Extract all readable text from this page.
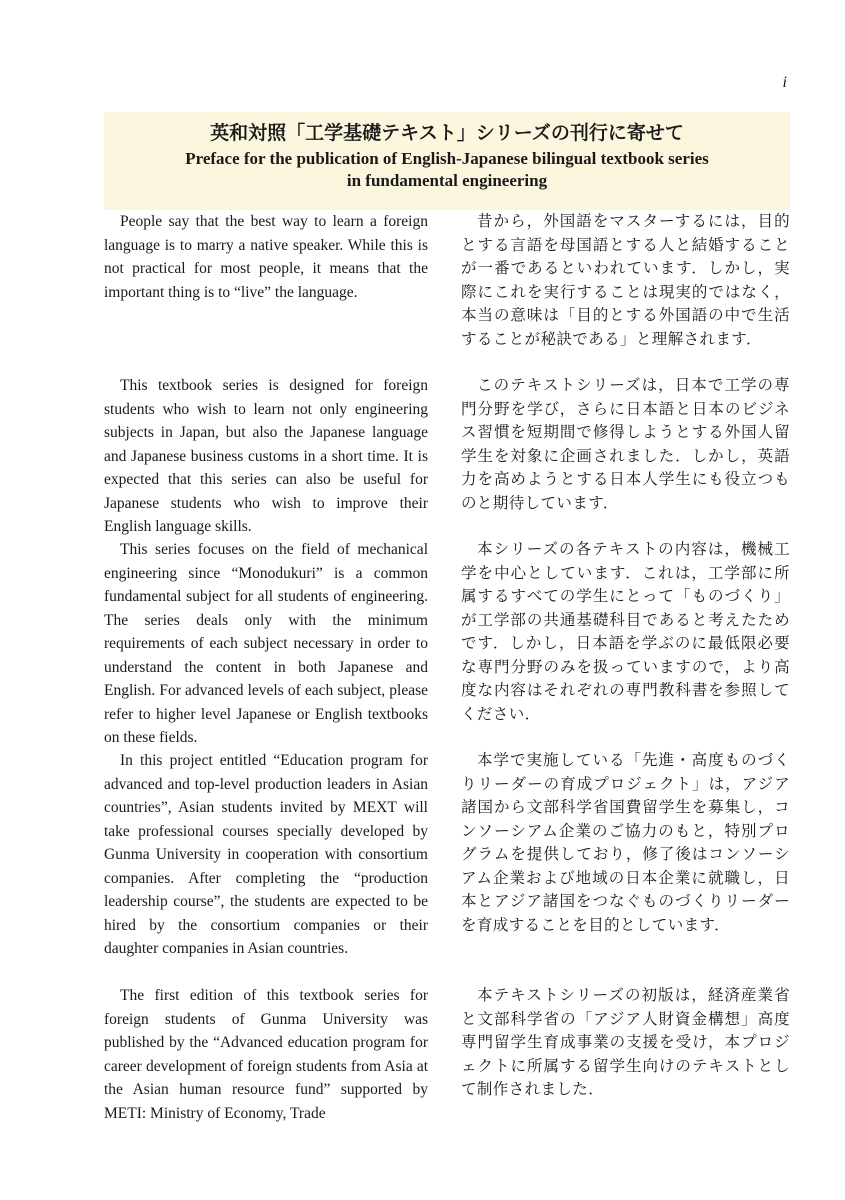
i
英和対照「工学基礎テキスト」シリーズの刊行に寄せて
Preface for the publication of English-Japanese bilingual textbook series
in fundamental engineering

People say that the best way to learn a foreign language is to marry a native speaker. While this is not practical for most people, it means that the important thing is to “live” the language.

This textbook series is designed for foreign students who wish to learn not only engineering subjects in Japan, but also the Japanese language and Japanese business customs in a short time. It is expected that this series can also be useful for Japanese students who wish to improve their English language skills.

This series focuses on the field of mechanical engineering since “Monodukuri” is a common fundamental subject for all students of engineering. The series deals only with the minimum requirements of each subject necessary in order to understand the content in both Japanese and English. For advanced levels of each subject, please refer to higher level Japanese or English textbooks on these fields.

In this project entitled “Education program for advanced and top-level production leaders in Asian countries”, Asian students invited by MEXT will take professional courses specially developed by Gunma University in cooperation with consortium companies. After completing the “production leadership course”, the students are expected to be hired by the consortium companies or their daughter companies in Asian countries.

The first edition of this textbook series for foreign students of Gunma University was published by the “Advanced education program for career development of foreign students from Asia at the Asian human resource fund” supported by METI: Ministry of Economy, Trade

昔から，外国語をマスターするには，目的とする言語を母国語とする人と結婚することが一番であるといわれています．しかし，実際にこれを実行することは現実的ではなく，本当の意味は「目的とする外国語の中で生活することが秘訣である」と理解されます．

このテキストシリーズは，日本で工学の専門分野を学び，さらに日本語と日本のビジネス習慣を短期間で修得しようとする外国人留学生を対象に企画されました．しかし，英語力を高めようとする日本人学生にも役立つものと期待しています．

本シリーズの各テキストの内容は，機械工学を中心としています．これは，工学部に所属するすべての学生にとって「ものづくり」が工学部の共通基礎科目であると考えたためです．しかし，日本語を学ぶのに最低限必要な専門分野のみを扱っていますので，より高度な内容はそれぞれの専門教科書を参照してください．

本学で実施している「先進・高度ものづくりリーダーの育成プロジェクト」は，アジア諸国から文部科学省国費留学生を募集し，コンソーシアム企業のご協力のもと，特別プログラムを提供しており，修了後はコンソーシアム企業および地域の日本企業に就職し，日本とアジア諸国をつなぐものづくりリーダーを育成することを目的としています．

本テキストシリーズの初版は，経済産業省と文部科学省の「アジア人財資金構想」高度専門留学生育成事業の支援を受け，本プロジェクトに所属する留学生向けのテキストとして制作されました．
